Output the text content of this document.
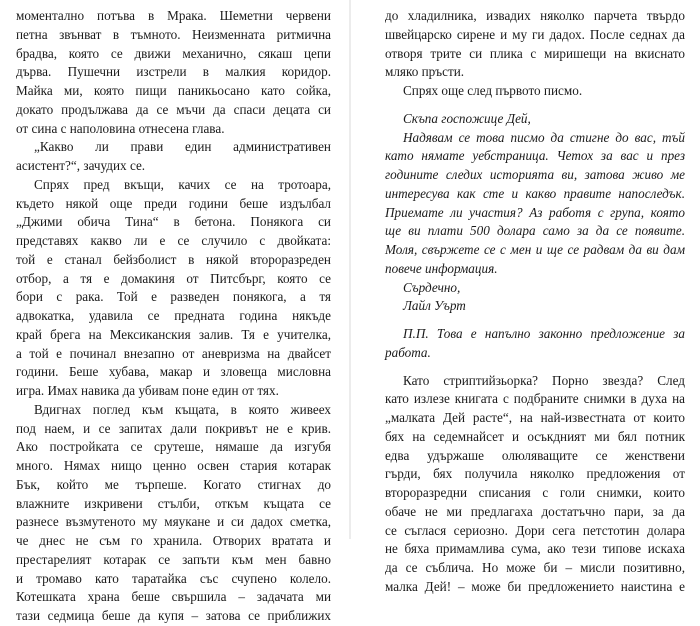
моментално потъва в Мрака. Шеметни червени
петна звънват в тъмното. Неизменната ритмична
брадва, която се движи механично, сякаш цепи
дърва. Пушечни изстрели в малкия коридор.
Майка ми, която пищи паникьосано като сойка,
докато продължава да се мъчи да спаси децата си
от сина с наполовина отнесена глава.
„Какво ли прави един административен
асистент?“, зачудих се.
Спрях пред вкъщи, качих се на тротоара,
където някой още преди години беше издълбал
„Джими обича Тина“ в бетона. Понякога си
представях какво ли е се случило с двойката:
той е станал бейзболист в някой второразреден
отбор, а тя е домакиня от Питсбърг, която се
бори с рака. Той е разведен понякога, а тя
адвокатка, удавила се предната година някъде
край брега на Мексиканския залив. Тя е учителка,
а той е починал внезапно от аневризма на двайсет
години. Беше хубава, макар и зловеща мисловна
игра. Имах навика да убивам поне един от тях.
Вдигнах поглед към къщата, в която живеех
под наем, и се запитах дали покривът не е крив.
Ако постройката се срутеше, нямаше да изгубя
много. Нямах нищо ценно освен стария котарак
Бък, който ме търпеше. Когато стигнах до
влажните изкривени стълби, откъм къщата се
разнесе възмутеното му мяукане и си дадох сметка,
че днес не съм го хранила. Отворих вратата и
престарелият котарак се запъти към мен бавно
и тромаво като таратайка със счупено колело.
Котешката храна беше свършила – задачата ми
тази седмица беше да купя – затова се приближих
до хладилника, извадих няколко парчета твърдо
швейцарско сирене и му ги дадох. После седнах да
отворя трите си плика с миришещи на вкиснато
мляко пръсти.
Спрях още след първото писмо.
Скъпа госпожице Дей,
Надявам се това писмо да стигне до вас, тъй
като нямате уебстраница. Четох за вас и през
годините следих историята ви, затова живо ме
интересува как сте и какво правите напоследък.
Приемате ли участия? Аз работя с група, която
ще ви плати 500 долара само за да се появите.
Моля, свържете се с мен и ще се радвам да ви дам
повече информация.
Сърдечно,
Лайл Уърт
П.П. Това е напълно законно предложение за
работа.
Като стриптийзьорка? Порно звезда? След
като излезе книгата с подбраните снимки в духа на
„малката Дей расте“, на най-известната от които
бях на седемнайсет и осъкдният ми бял потник
едва удържаше олюляващите се женствени
гърди, бях получила няколко предложения от
второразредни списания с голи снимки, които
обаче не ми предлагаха достатъчно пари, за да
се съглася сериозно. Дори сега петстотин долара
не бяха примамлива сума, ако тези типове искаха
да се съблича. Но може би – мисли позитивно,
малка Дей! – може би предложението наистина е
